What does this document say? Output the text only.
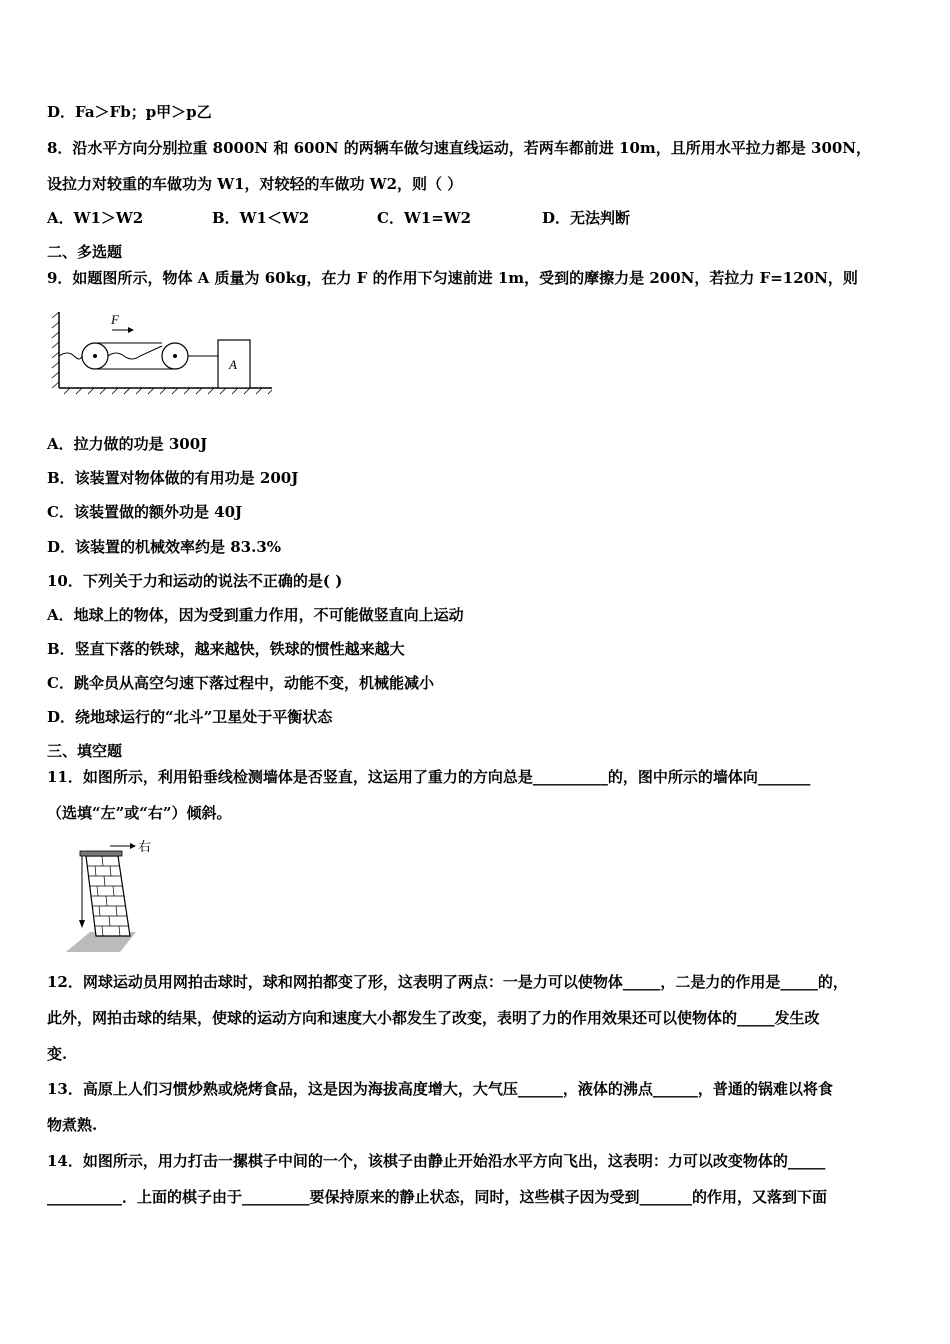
D．Fa＞Fb；p甲＞p乙
8．沿水平方向分别拉重 8000N 和 600N 的两辆车做匀速直线运动，若两车都前进 10m，且所用水平拉力都是 300N，
设拉力对较重的车做功为 W1，对较轻的车做功 W2，则（ ）
A．W1＞W2	B．W1＜W2	C．W1=W2	D．无法判断
二、多选题
9．如题图所示，物体 A 质量为 60kg，在力 F 的作用下匀速前进 1m，受到的摩擦力是 200N，若拉力 F=120N，则
F
A
A．拉力做的功是 300J
B．该装置对物体做的有用功是 200J
C．该装置做的额外功是 40J
D．该装置的机械效率约是 83.3%
10．下列关于力和运动的说法不正确的是( )
A．地球上的物体，因为受到重力作用，不可能做竖直向上运动
B．竖直下落的铁球，越来越快，铁球的惯性越来越大
C．跳伞员从高空匀速下落过程中，动能不变，机械能减小
D．绕地球运行的“北斗”卫星处于平衡状态
三、填空题
11．如图所示，利用铅垂线检测墙体是否竖直，这运用了重力的方向总是__________的，图中所示的墙体向_______
（选填“左”或“右”）倾斜。
右
12．网球运动员用网拍击球时，球和网拍都变了形，这表明了两点：一是力可以使物体_____，二是力的作用是_____的，
此外，网拍击球的结果，使球的运动方向和速度大小都发生了改变，表明了力的作用效果还可以使物体的_____发生改
变.
13．高原上人们习惯炒熟或烧烤食品，这是因为海拔高度增大，大气压______，液体的沸点______，普通的锅难以将食
物煮熟.
14．如图所示，用力打击一摞棋子中间的一个，该棋子由静止开始沿水平方向飞出，这表明：力可以改变物体的_____
__________．上面的棋子由于_________要保持原来的静止状态，同时，这些棋子因为受到_______的作用，又落到下面
